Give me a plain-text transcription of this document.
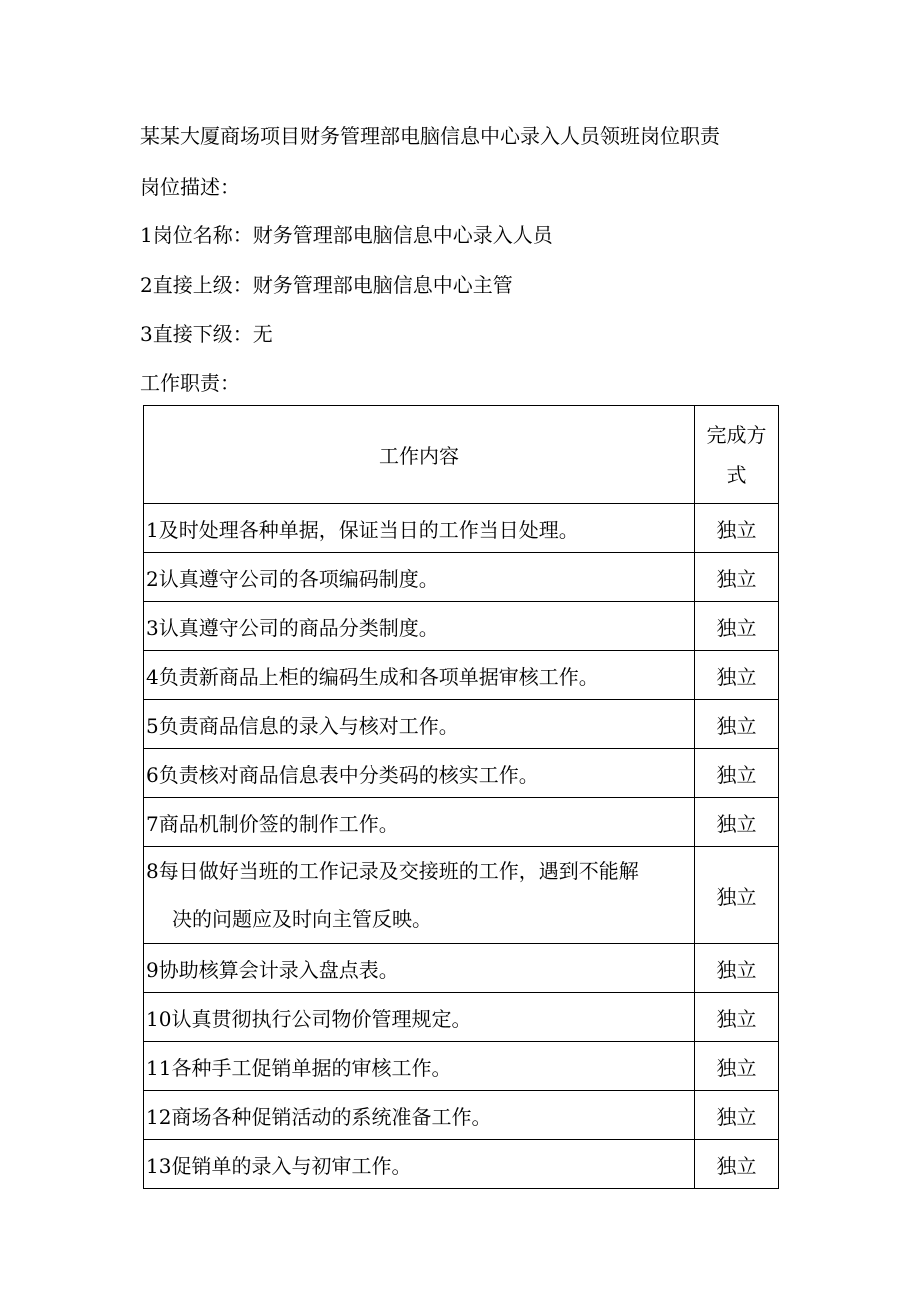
某某大厦商场项目财务管理部电脑信息中心录入人员领班岗位职责
岗位描述：
1岗位名称：财务管理部电脑信息中心录入人员
2直接上级：财务管理部电脑信息中心主管
3直接下级：无
工作职责：
工作内容	完成方
式

1及时处理各种单据，保证当日的工作当日处理。	独立
2认真遵守公司的各项编码制度。	独立
3认真遵守公司的商品分类制度。	独立
4负责新商品上柜的编码生成和各项单据审核工作。	独立
5负责商品信息的录入与核对工作。	独立
6负责核对商品信息表中分类码的核实工作。	独立
7商品机制价签的制作工作。	独立
8每日做好当班的工作记录及交接班的工作，遇到不能解
决的问题应及时向主管反映。	独立
9协助核算会计录入盘点表。	独立
10认真贯彻执行公司物价管理规定。	独立
11各种手工促销单据的审核工作。	独立
12商场各种促销活动的系统准备工作。	独立
13促销单的录入与初审工作。	独立
